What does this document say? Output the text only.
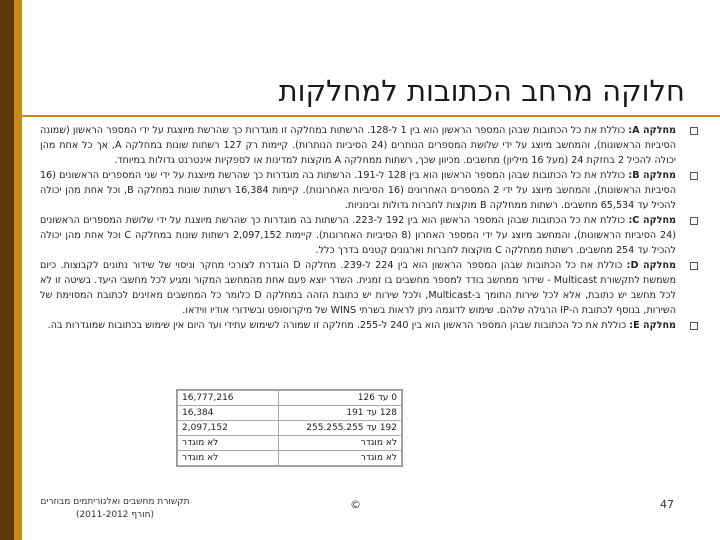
חלוקה מרחב הכתובות למחלקות
מחלקה A: כוללת את כל הכתובות שבהן המספר הראשון הוא בין 1 ל-128. הרשתות במחלקה זו מוגדרות כך שהרשת מיוצגת על ידי המספר הראשון (שמונה הסיביות הראשונות), והמחשב מיוצג על ידי שלושת המספרים הנותרים (24 הסיביות הנותרות). קיימות רק 127 רשתות שונות במחלקה A, אך כל אחת מהן יכולה להכיל 2 בחזקת 24 (מעל 16 מיליון) מחשבים. מכיוון שכך, רשתות ממחלקה A מוקצות למדינות או לספקיות אינטרנט גדולות במיוחד.
מחלקה B: כוללת את כל הכתובות שבהן המספר הראשון הוא בין 128 ל-191. הרשתות בה מוגדרות כך שהרשת מיוצגת על ידי שני המספרים הראשונים (16 הסיביות הראשונות), והמחשב מיוצג על ידי 2 המספרים האחרונים (16 הסיביות האחרונות). קיימות 16,384 רשתות שונות במחלקה B, וכל אחת מהן יכולה להכיל עד 65,534 מחשבים. רשתות ממחלקה B מוקצות לחברות גדולות ובינוניות.
מחלקה C: כוללת את כל הכתובות שבהן המספר הראשון הוא בין 192 ל-223. הרשתות בה מוגדרות כך שהרשת מיוצגת על ידי שלושת המספרים הראשונים (24 הסיביות הראשונות), והמחשב מיוצג על ידי המספר האחרון (8 הסיביות האחרונות). קיימות 2,097,152 רשתות שונות במחלקה C וכל אחת מהן יכולה להכיל עד 254 מחשבים. רשתות ממחלקה C מוקצות לחברות וארגונים קטנים בדרך כלל.
מחלקה D: כוללת את כל הכתובות שבהן המספר הראשון הוא בין 224 ל-239. מחלקה D הוגדרת לצורכי מחקר וניסוי של שידור נתונים לקבוצות. כיום משמשת לתקשורת Multicast - שידור ממחשב בודד למספר מחשבים בו זמנית. השדר יוצא פעם אחת מהמחשב המקור ומגיע לכל מחשבי היעד. בשיטה זו לא לכל מחשב יש כתובת, אלא לכל שירות התומך ב-Multicast, ולכל שירות יש כתובת הזהה במחלקה D כלומר כל המחשבים מאזינים לכתובת המסוימת של השירות, בנוסף לכתובת ה-IP הרגילה שלהם. שימוש לדוגמה ניתן לראות בשרתי WINS של מיקרוסופט ובשידורי אודיו ווידאו.
מחלקה E: כוללת את כל הכתובות שבהן המספר הראשון הוא בין 240 ל-255. מחלקה זו שמורה לשימוש עתידי ועד היום אין שימוש בכתובות שמוגדרות בה.
0 עד 126	16,777,216
128 עד 191	16,384
192 עד 255.255.255	2,097,152
לא מוגדר	לא מוגדר
לא מוגדר	לא מוגדר
תקשורת מחשבים ואלגוריתמים מבוזרים
(חורף 2011-2012)
©	47
